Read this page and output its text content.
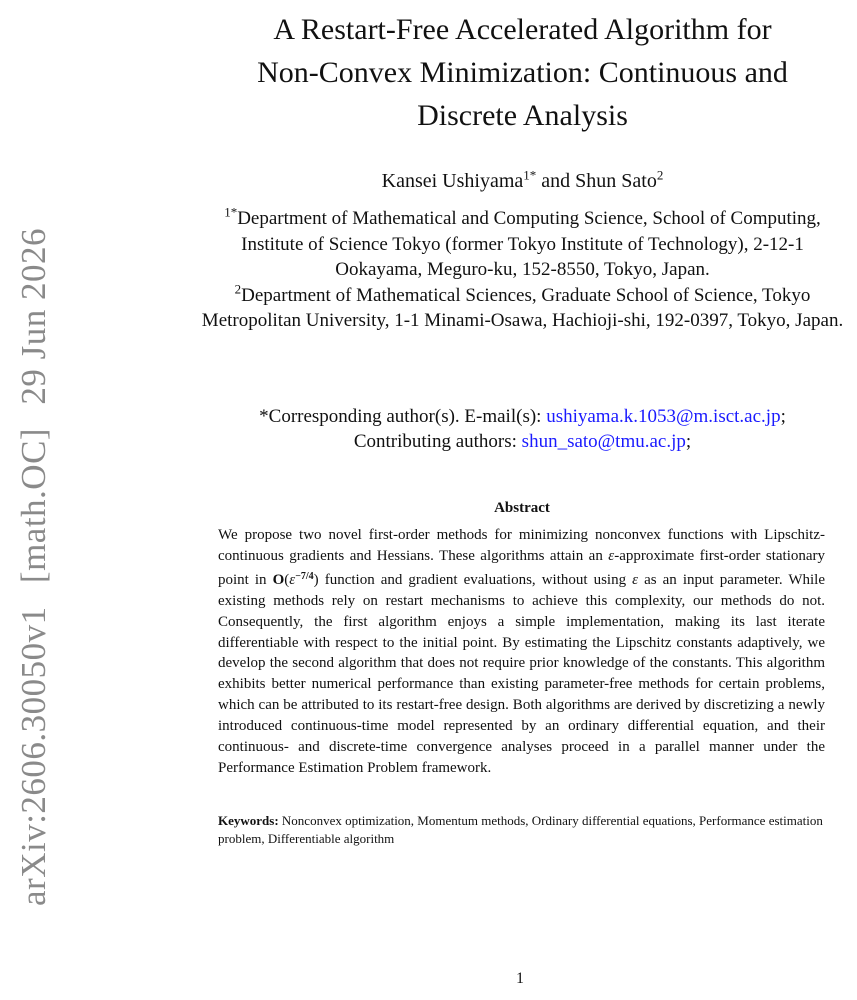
arXiv:2606.30050v1 [math.OC] 29 Jun 2026
A Restart-Free Accelerated Algorithm for
Non-Convex Minimization: Continuous and
Discrete Analysis
Kansei Ushiyama$^{1*}$ and Shun Sato$^2$

$^{1*}$Department of Mathematical and Computing Science, School of Computing, Institute of Science Tokyo (former Tokyo Institute of Technology), 2-12-1 Ookayama, Meguro-ku, 152-8550, Tokyo, Japan.

$^2$Department of Mathematical Sciences, Graduate School of Science, Tokyo Metropolitan University, 1-1 Minami-Osawa, Hachioji-shi, 192-0397, Tokyo, Japan.

*Corresponding author(s). E-mail(s): ushiyama.k.1053@m.isct.ac.jp;

Contributing authors: shun_sato@tmu.ac.jp;

Abstract

We propose two novel first-order methods for minimizing nonconvex functions with Lipschitz-continuous gradients and Hessians. These algorithms attain an ε-approximate first-order stationary point in $O(\varepsilon^{-7/4})$ function and gradient evaluations, without using ε as an input parameter. While existing methods rely on restart mechanisms to achieve this complexity, our methods do not. Consequently, the first algorithm enjoys a simple implementation, making its last iterate differentiable with respect to the initial point. By estimating the Lipschitz constants adaptively, we develop the second algorithm that does not require prior knowledge of the constants. This algorithm exhibits better numerical performance than existing parameter-free methods for certain problems, which can be attributed to its restart-free design. Both algorithms are derived by discretizing a newly introduced continuous-time model represented by an ordinary differential equation, and their continuous- and discrete-time convergence analyses proceed in a parallel manner under the Performance Estimation Problem framework.

Keywords: Nonconvex optimization, Momentum methods, Ordinary differential equations, Performance estimation problem, Differentiable algorithm

1
